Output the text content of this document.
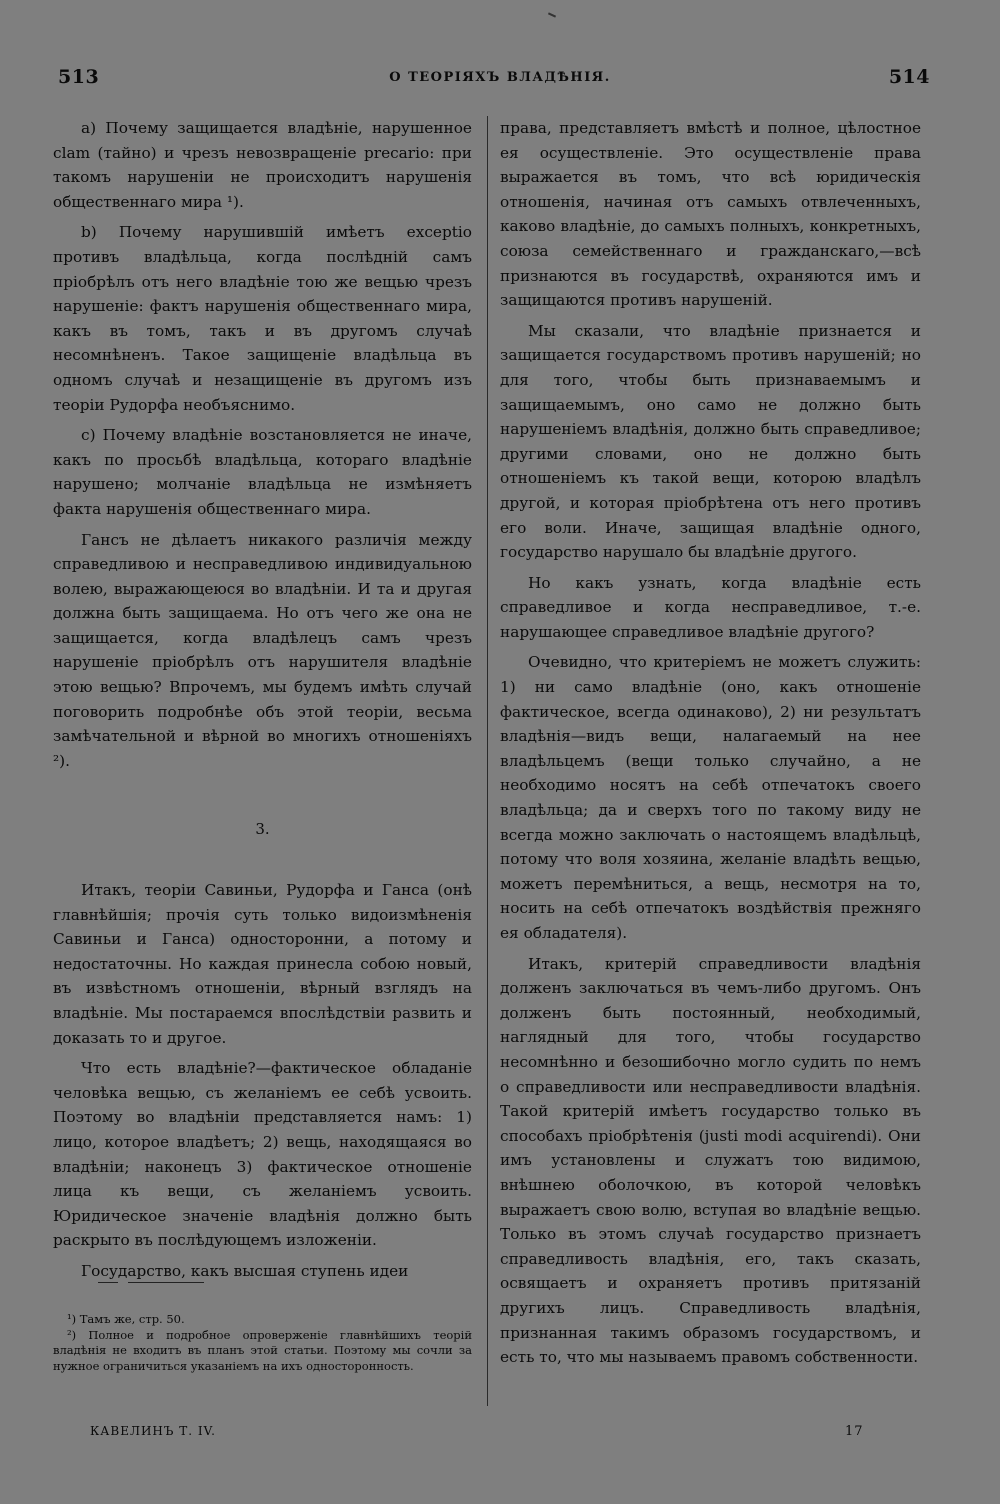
513	О ТЕОРІЯХЪ ВЛАДѢНІЯ.	514

a) Почему защищается владѣніе, нарушенное clam (тайно) и чрезъ невозвращеніе precario: при такомъ нарушеніи не происходитъ нарушенія общественнаго мира ¹).

b) Почему нарушившій имѣетъ exceptio противъ владѣльца, когда послѣдній самъ пріобрѣлъ отъ него владѣніе тою же вещью чрезъ нарушеніе: фактъ нарушенія общественнаго мира, какъ въ томъ, такъ и въ другомъ случаѣ несомнѣненъ. Такое защищеніе владѣльца въ одномъ случаѣ и незащищеніе въ другомъ изъ теоріи Рудорфа необъяснимо.

c) Почему владѣніе возстановляется не иначе, какъ по просьбѣ владѣльца, котораго владѣніе нарушено; молчаніе владѣльца не измѣняетъ факта нарушенія общественнаго мира.

Гансъ не дѣлаетъ никакого различія между справедливою и несправедливою индивидуальною волею, выражающеюся во владѣніи. И та и другая должна быть защищаема. Но отъ чего же она не защищается, когда владѣлецъ самъ чрезъ нарушеніе пріобрѣлъ отъ нарушителя владѣніе этою вещью? Впрочемъ, мы будемъ имѣть случай поговорить подробнѣе объ этой теоріи, весьма замѣчательной и вѣрной во многихъ отношеніяхъ ²).

3.

Итакъ, теоріи Савиньи, Рудорфа и Ганса (онѣ главнѣйшія; прочія суть только видоизмѣненія Савиньи и Ганса) односторонни, а потому и недостаточны. Но каждая принесла собою новый, въ извѣстномъ отношеніи, вѣрный взглядъ на владѣніе. Мы постараемся впослѣдствіи развить и доказать то и другое.

Что есть владѣніе?—фактическое обладаніе человѣка вещью, съ желаніемъ ее себѣ усвоить. Поэтому во владѣніи представляется намъ: 1) лицо, которое владѣетъ; 2) вещь, находящаяся во владѣніи; наконецъ 3) фактическое отношеніе лица къ вещи, съ желаніемъ усвоить. Юридическое значеніе владѣнія должно быть раскрыто въ послѣдующемъ изложеніи.

Государство, какъ высшая ступень идеи

¹) Тамъ же, стр. 50.

²) Полное и подробное опроверженіе главнѣйшихъ теорій владѣнія не входитъ въ планъ этой статьи. Поэтому мы сочли за нужное ограничиться указаніемъ на ихъ односторонность.

права, представляетъ вмѣстѣ и полное, цѣлостное ея осуществленіе. Это осуществленіе права выражается въ томъ, что всѣ юридическія отношенія, начиная отъ самыхъ отвлеченныхъ, каково владѣніе, до самыхъ полныхъ, конкретныхъ, союза семейственнаго и гражданскаго,—всѣ признаются въ государствѣ, охраняются имъ и защищаются противъ нарушеній.

Мы сказали, что владѣніе признается и защищается государствомъ противъ нарушеній; но для того, чтобы быть признаваемымъ и защищаемымъ, оно само не должно быть нарушеніемъ владѣнія, должно быть справедливое; другими словами, оно не должно быть отношеніемъ къ такой вещи, которою владѣлъ другой, и которая пріобрѣтена отъ него противъ его воли. Иначе, защищая владѣніе одного, государство нарушало бы владѣніе другого.

Но какъ узнать, когда владѣніе есть справедливое и когда несправедливое, т.-е. нарушающее справедливое владѣніе другого?

Очевидно, что критеріемъ не можетъ служить: 1) ни само владѣніе (оно, какъ отношеніе фактическое, всегда одинаково), 2) ни результатъ владѣнія—видъ вещи, налагаемый на нее владѣльцемъ (вещи только случайно, а не необходимо носятъ на себѣ отпечатокъ своего владѣльца; да и сверхъ того по такому виду не всегда можно заключать о настоящемъ владѣльцѣ, потому что воля хозяина, желаніе владѣть вещью, можетъ перемѣниться, а вещь, несмотря на то, носить на себѣ отпечатокъ воздѣйствія прежняго ея обладателя).

Итакъ, критерій справедливости владѣнія долженъ заключаться въ чемъ-либо другомъ. Онъ долженъ быть постоянный, необходимый, наглядный для того, чтобы государство несомнѣнно и безошибочно могло судить по немъ о справедливости или несправедливости владѣнія. Такой критерій имѣетъ государство только въ способахъ пріобрѣтенія (justi modi acquirendi). Они имъ установлены и служатъ тою видимою, внѣшнею оболочкою, въ которой человѣкъ выражаетъ свою волю, вступая во владѣніе вещью. Только въ этомъ случаѣ государство признаетъ справедливость владѣнія, его, такъ сказать, освящаетъ и охраняетъ противъ притязаній другихъ лицъ. Справедливость владѣнія, признанная такимъ образомъ государствомъ, и есть то, что мы называемъ правомъ собственности.

КАВЕЛИНЪ Т. IV.	17
